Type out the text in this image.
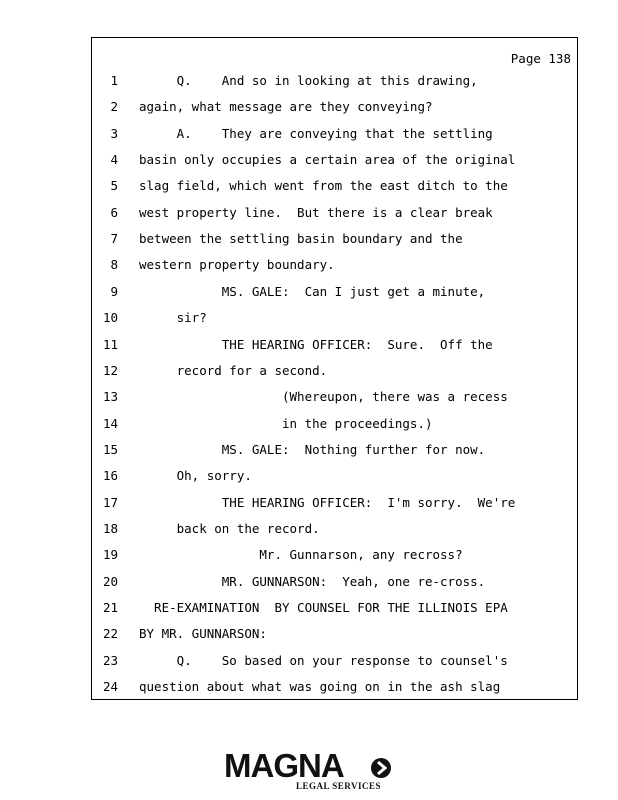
Page 138
1 Q.    And so in looking at this drawing,
2 again, what message are they conveying?
3 A.    They are conveying that the settling
4 basin only occupies a certain area of the original
5 slag field, which went from the east ditch to the
6 west property line.  But there is a clear break
7 between the settling basin boundary and the
8 western property boundary.
9 MS. GALE:  Can I just get a minute,
10 sir?
11 THE HEARING OFFICER:  Sure.  Off the
12 record for a second.
13 (Whereupon, there was a recess
14 in the proceedings.)
15 MS. GALE:  Nothing further for now.
16 Oh, sorry.
17 THE HEARING OFFICER:  I'm sorry.  We're
18 back on the record.
19 Mr. Gunnarson, any recross?
20 MR. GUNNARSON:  Yeah, one re-cross.
21 RE-EXAMINATION  BY COUNSEL FOR THE ILLINOIS EPA
22 BY MR. GUNNARSON:
23 Q.    So based on your response to counsel's
24 question about what was going on in the ash slag
MAGNA
LEGAL SERVICES
